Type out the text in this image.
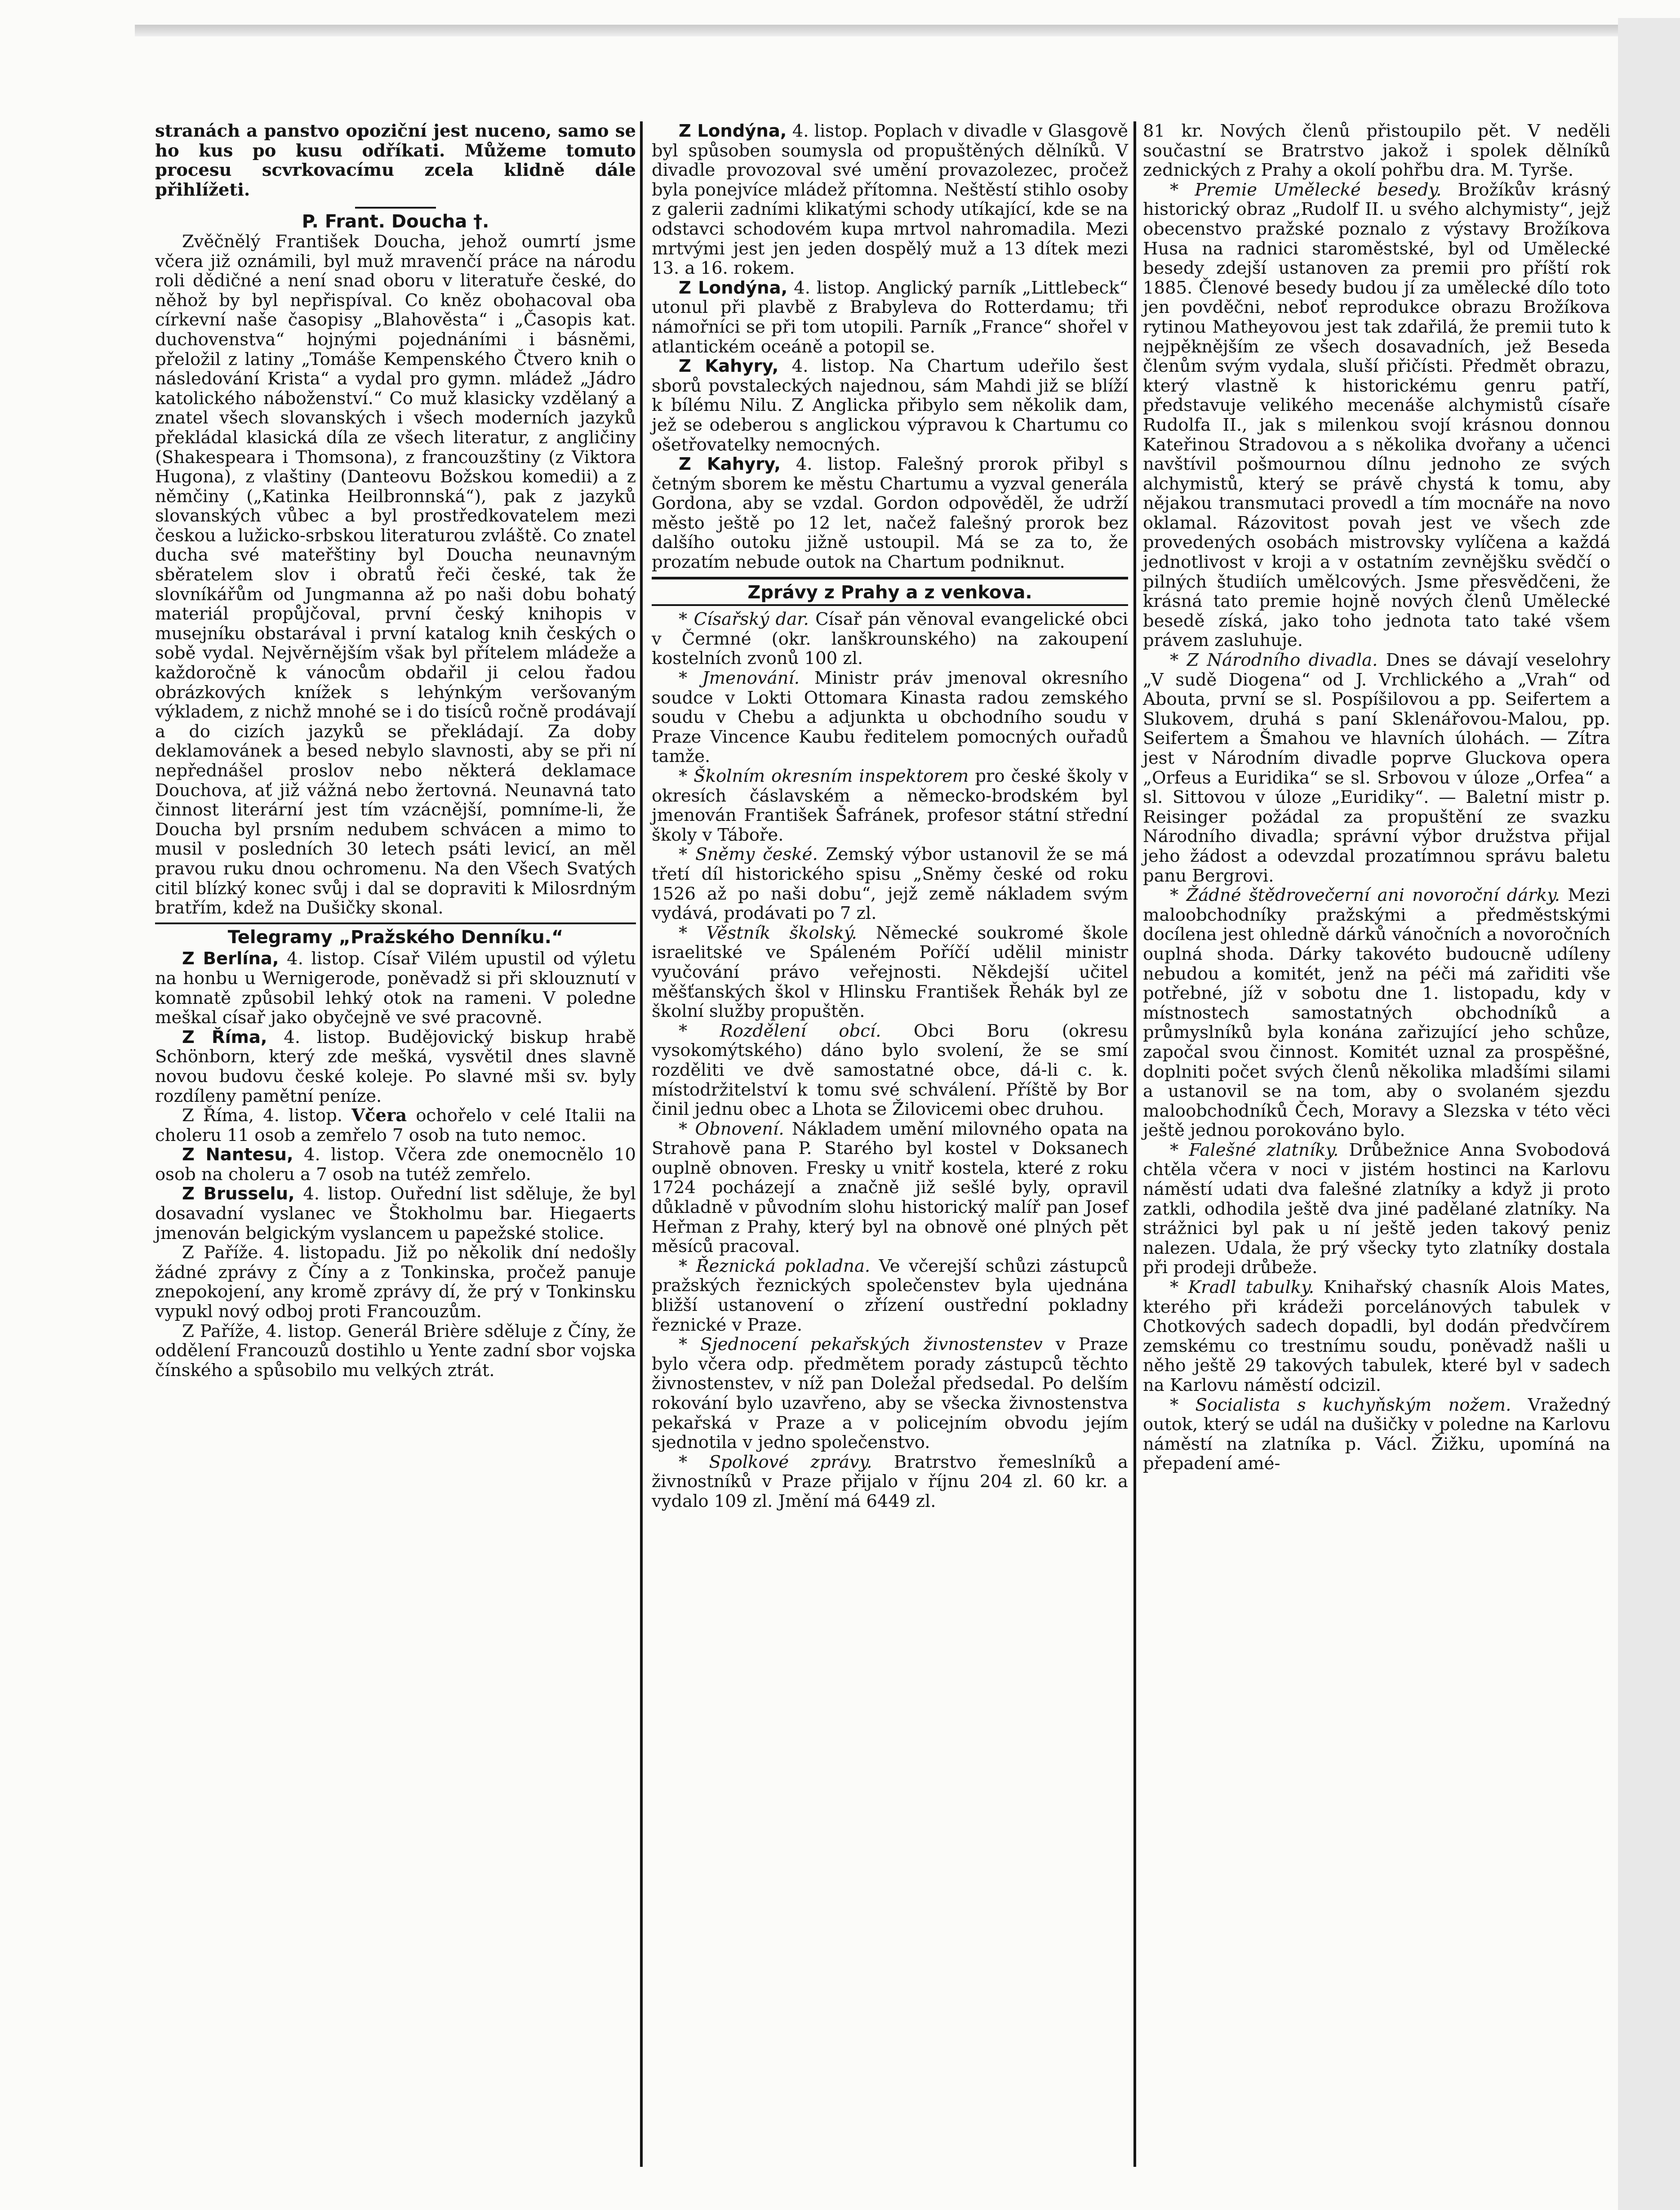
stranách a panstvo opoziční jest nuceno, samo se ho kus po kusu odříkati. Můžeme tomuto procesu scvrkovacímu zcela klidně dále přihlížeti.

P. Frant. Doucha †.

Zvěčnělý František Doucha, jehož oumrtí jsme včera již oznámili, byl muž mravenčí práce na národu roli dědičné a není snad oboru v literatuře české, do něhož by byl nepřispíval. Co kněz obohacoval oba církevní naše časopisy „Blahověsta“ i „Časopis kat. duchovenstva“ hojnými pojednáními i básněmi, přeložil z latiny „Tomáše Kempenského Čtvero knih o následování Krista“ a vydal pro gymn. mládež „Jádro katolického náboženství.“ Co muž klasicky vzdělaný a znatel všech slovanských i všech moderních jazyků překládal klasická díla ze všech literatur, z angličiny (Shakespeara i Thomsona), z francouzštiny (z Viktora Hugona), z vlaštiny (Danteovu Božskou komedii) a z němčiny („Katinka Heilbronnská“), pak z jazyků slovanských vůbec a byl prostředkovatelem mezi českou a lužicko-srbskou literaturou zvláště. Co znatel ducha své mateřštiny byl Doucha neunavným sběratelem slov i obratů řeči české, tak že slovníkářům od Jungmanna až po naši dobu bohatý materiál propůjčoval, první český knihopis v musejníku obstarával i první katalog knih českých o sobě vydal. Nejvěrnějším však byl přítelem mládeže a každoročně k vánocům obdařil ji celou řadou obrázkových knížek s lehýnkým veršovaným výkladem, z nichž mnohé se i do tisíců ročně prodávají a do cizích jazyků se překládají. Za doby deklamovánek a besed nebylo slavnosti, aby se při ní nepřednášel proslov nebo některá deklamace Douchova, ať již vážná nebo žertovná. Neunavná tato činnost literární jest tím vzácnější, pomníme-li, že Doucha byl prsním nedubem schvácen a mimo to musil v posledních 30 letech psáti levicí, an měl pravou ruku dnou ochromenu. Na den Všech Svatých citil blízký konec svůj i dal se dopraviti k Milosrdným bratřím, kdež na Dušičky skonal.

Telegramy „Pražského Denníku.“

Z Berlína, 4. listop. Císař Vilém upustil od výletu na honbu u Wernigerode, poněvadž si při sklouznutí v komnatě způsobil lehký otok na rameni. V poledne meškal císař jako obyčejně ve své pracovně.

Z Říma, 4. listop. Budějovický biskup hrabě Schönborn, který zde mešká, vysvětil dnes slavně novou budovu české koleje. Po slavné mši sv. byly rozdíleny pamětní peníze.

Z Říma, 4. listop. Včera ochořelo v celé Italii na choleru 11 osob a zemřelo 7 osob na tuto nemoc.

Z Nantesu, 4. listop. Včera zde onemocnělo 10 osob na choleru a 7 osob na tutéž zemřelo.

Z Brusselu, 4. listop. Ouřední list sděluje, že byl dosavadní vyslanec ve Štokholmu bar. Hiegaerts jmenován belgickým vyslancem u papežské stolice.

Z Paříže. 4. listopadu. Již po několik dní nedošly žádné zprávy z Číny a z Tonkinska, pročež panuje znepokojení, any kromě zprávy dí, že prý v Tonkinsku vypukl nový odboj proti Francouzům.

Z Paříže, 4. listop. Generál Brière sděluje z Číny, že oddělení Francouzů dostihlo u Yente zadní sbor vojska čínského a spůsobilo mu velkých ztrát.

Z Londýna, 4. listop. Poplach v divadle v Glasgově byl spůsoben soumysla od propuštěných dělníků. V divadle provozoval své umění provazolezec, pročež byla ponejvíce mládež přítomna. Neštěstí stihlo osoby z galerii zadními klikatými schody utíkající, kde se na odstavci schodovém kupa mrtvol nahromadila. Mezi mrtvými jest jen jeden dospělý muž a 13 dítek mezi 13. a 16. rokem.

Z Londýna, 4. listop. Anglický parník „Littlebeck“ utonul při plavbě z Brabyleva do Rotterdamu; tři námořníci se při tom utopili. Parník „France“ shořel v atlantickém oceáně a potopil se.

Z Kahyry, 4. listop. Na Chartum udeřilo šest sborů povstaleckých najednou, sám Mahdi již se blíží k bílému Nilu. Z Anglicka přibylo sem několik dam, jež se odeberou s anglickou výpravou k Chartumu co ošetřovatelky nemocných.

Z Kahyry, 4. listop. Falešný prorok přibyl s četným sborem ke městu Chartumu a vyzval generála Gordona, aby se vzdal. Gordon odpověděl, že udrží město ještě po 12 let, načež falešný prorok bez dalšího outoku jižně ustoupil. Má se za to, že prozatím nebude outok na Chartum podniknut.

Zprávy z Prahy a z venkova.

* Císařský dar. Císař pán věnoval evangelické obci v Čermné (okr. lanškrounského) na zakoupení kostelních zvonů 100 zl.

* Jmenování. Ministr práv jmenoval okresního soudce v Lokti Ottomara Kinasta radou zemského soudu v Chebu a adjunkta u obchodního soudu v Praze Vincence Kaubu ředitelem pomocných ouřadů tamže.

* Školním okresním inspektorem pro české školy v okresích čáslavském a německo-brodském byl jmenován František Šafránek, profesor státní střední školy v Táboře.

* Sněmy české. Zemský výbor ustanovil že se má třetí díl historického spisu „Sněmy české od roku 1526 až po naši dobu“, jejž země nákladem svým vydává, prodávati po 7 zl.

* Věstník školský. Německé soukromé škole israelitské ve Spáleném Poříčí udělil ministr vyučování právo veřejnosti. Někdejší učitel měšťanských škol v Hlinsku František Řehák byl ze školní služby propuštěn.

* Rozdělení obcí. Obci Boru (okresu vysokomýtského) dáno bylo svolení, že se smí rozděliti ve dvě samostatné obce, dá-li c. k. místodržitelství k tomu své schválení. Příště by Bor činil jednu obec a Lhota se Žilovicemi obec druhou.

* Obnovení. Nákladem umění milovného opata na Strahově pana P. Starého byl kostel v Doksanech ouplně obnoven. Fresky u vnitř kostela, které z roku 1724 pocházejí a značně již sešlé byly, opravil důkladně v původním slohu historický malíř pan Josef Heřman z Prahy, který byl na obnově oné plných pět měsíců pracoval.

* Řeznická pokladna. Ve včerejší schůzi zástupců pražských řeznických společenstev byla ujednána bližší ustanovení o zřízení oustřední pokladny řeznické v Praze.

* Sjednocení pekařských živnostenstev v Praze bylo včera odp. předmětem porady zástupců těchto živnostenstev, v níž pan Doležal předsedal. Po delším rokování bylo uzavřeno, aby se všecka živnostenstva pekařská v Praze a v policejním obvodu jejím sjednotila v jedno společenstvo.

* Spolkové zprávy. Bratrstvo řemeslníků a živnostníků v Praze přijalo v říjnu 204 zl. 60 kr. a vydalo 109 zl. Jmění má 6449 zl.

81 kr. Nových členů přistoupilo pět. V neděli součastní se Bratrstvo jakož i spolek dělníků zednických z Prahy a okolí pohřbu dra. M. Tyrše.

* Premie Umělecké besedy. Brožíkův krásný historický obraz „Rudolf II. u svého alchymisty“, jejž obecenstvo pražské poznalo z výstavy Brožíkova Husa na radnici staroměstské, byl od Umělecké besedy zdejší ustanoven za premii pro příští rok 1885. Členové besedy budou jí za umělecké dílo toto jen povděčni, neboť reprodukce obrazu Brožíkova rytinou Matheyovou jest tak zdařilá, že premii tuto k nejpěknějším ze všech dosavadních, jež Beseda členům svým vydala, sluší přičísti. Předmět obrazu, který vlastně k historickému genru patří, představuje velikého mecenáše alchymistů císaře Rudolfa II., jak s milenkou svojí krásnou donnou Kateřinou Stradovou a s několika dvořany a učenci navštívil pošmournou dílnu jednoho ze svých alchymistů, který se právě chystá k tomu, aby nějakou transmutaci provedl a tím mocnáře na novo oklamal. Rázovitost povah jest ve všech zde provedených osobách mistrovsky vylíčena a každá jednotlivost v kroji a v ostatním zevnějšku svědčí o pilných študiích umělcových. Jsme přesvědčeni, že krásná tato premie hojně nových členů Umělecké besedě získá, jako toho jednota tato také všem právem zasluhuje.

* Z Národního divadla. Dnes se dávají veselohry „V sudě Diogena“ od J. Vrchlického a „Vrah“ od Abouta, první se sl. Pospíšilovou a pp. Seifertem a Slukovem, druhá s paní Sklenářovou-Malou, pp. Seifertem a Šmahou ve hlavních úlohách. — Zítra jest v Národním divadle poprve Gluckova opera „Orfeus a Euridika“ se sl. Srbovou v úloze „Orfea“ a sl. Sittovou v úloze „Euridiky“. — Baletní mistr p. Reisinger požádal za propuštění ze svazku Národního divadla; správní výbor družstva přijal jeho žádost a odevzdal prozatímnou správu baletu panu Bergrovi.

* Žádné štědrovečerní ani novoroční dárky. Mezi maloobchodníky pražskými a předměstskými docílena jest ohledně dárků vánočních a novoročních ouplná shoda. Dárky takovéto budoucně udíleny nebudou a komitét, jenž na péči má zařiditi vše potřebné, jíž v sobotu dne 1. listopadu, kdy v místnostech samostatných obchodníků a průmyslníků byla konána zařizující jeho schůze, započal svou činnost. Komitét uznal za prospěšné, doplniti počet svých členů několika mladšími silami a ustanovil se na tom, aby o svolaném sjezdu maloobchodníků Čech, Moravy a Slezska v této věci ještě jednou porokováno bylo.

* Falešné zlatníky. Drůbežnice Anna Svobodová chtěla včera v noci v jistém hostinci na Karlovu náměstí udati dva falešné zlatníky a když ji proto zatkli, odhodila ještě dva jiné padělané zlatníky. Na strážnici byl pak u ní ještě jeden takový peniz nalezen. Udala, že prý všecky tyto zlatníky dostala při prodeji drůbeže.

* Kradl tabulky. Knihařský chasník Alois Mates, kterého při krádeži porcelánových tabulek v Chotkových sadech dopadli, byl dodán předvčírem zemskému co trestnímu soudu, poněvadž našli u něho ještě 29 takových tabulek, které byl v sadech na Karlovu náměstí odcizil.

* Socialista s kuchyňským nožem. Vražedný outok, který se udál na dušičky v poledne na Karlovu náměstí na zlatníka p. Václ. Žižku, upomíná na přepadení amé-
